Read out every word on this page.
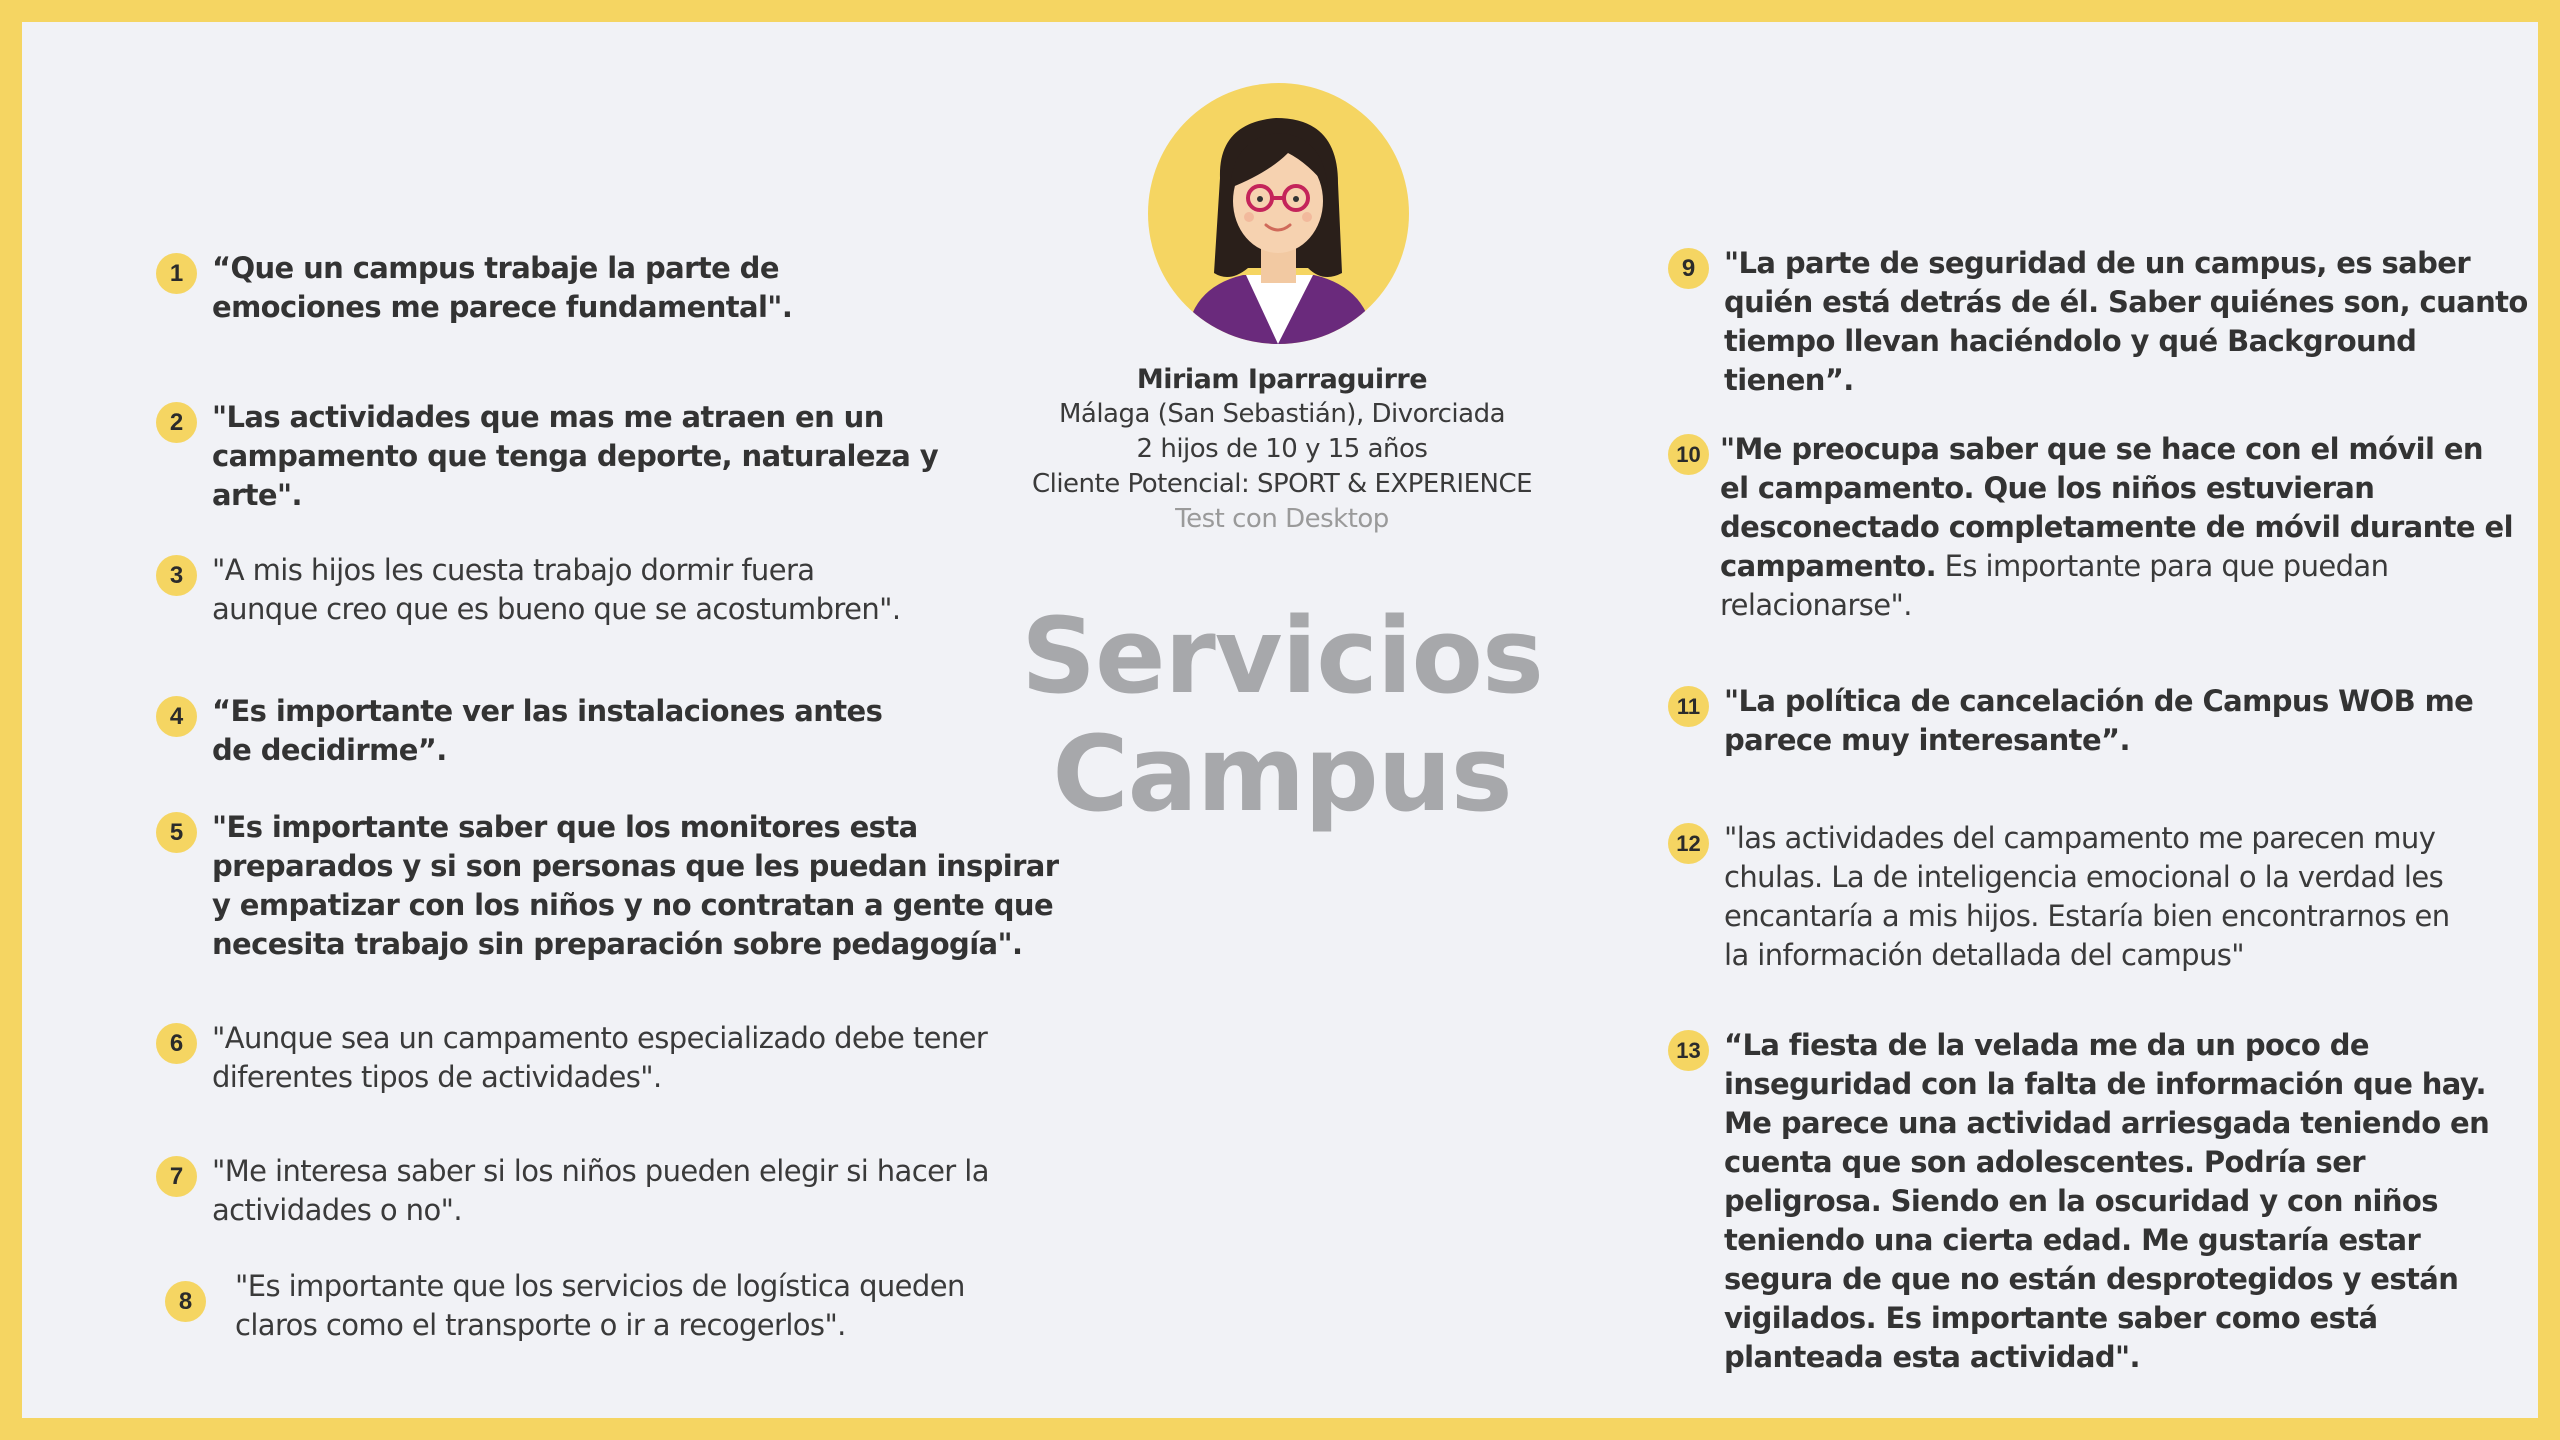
Miriam Iparraguirre
Málaga (San Sebastián), Divorciada
2 hijos de 10 y 15 años
Cliente Potencial: SPORT & EXPERIENCE
Test con Desktop
Servicios
Campus
1 “Que un campus trabaje la parte de
emociones me parece fundamental".
2 "Las actividades que mas me atraen en un
campamento que tenga deporte, naturaleza y
arte".
3 "A mis hijos les cuesta trabajo dormir fuera
aunque creo que es bueno que se acostumbren".
4 “Es importante ver las instalaciones antes
de decidirme”.
5 "Es importante saber que los monitores esta
preparados y si son personas que les puedan inspirar
y empatizar con los niños y no contratan a gente que
necesita trabajo sin preparación sobre pedagogía".
6 "Aunque sea un campamento especializado debe tener
diferentes tipos de actividades".
7 "Me interesa saber si los niños pueden elegir si hacer la
actividades o no".
8	"Es importante que los servicios de logística queden
claros como el transporte o ir a recogerlos".
9 "La parte de seguridad de un campus, es saber
quién está detrás de él. Saber quiénes son, cuanto
tiempo llevan haciéndolo y qué Background
tienen”.
10 "Me preocupa saber que se hace con el móvil en
el campamento. Que los niños estuvieran
desconectado completamente de móvil durante el
campamento. Es importante para que puedan
relacionarse".
11 "La política de cancelación de Campus WOB me
parece muy interesante”.
12 "las actividades del campamento me parecen muy
chulas. La de inteligencia emocional o la verdad les
encantaría a mis hijos. Estaría bien encontrarnos en
la información detallada del campus"
13 “La fiesta de la velada me da un poco de
inseguridad con la falta de información que hay.
Me parece una actividad arriesgada teniendo en
cuenta que son adolescentes. Podría ser
peligrosa. Siendo en la oscuridad y con niños
teniendo una cierta edad. Me gustaría estar
segura de que no están desprotegidos y están
vigilados. Es importante saber como está
planteada esta actividad".
